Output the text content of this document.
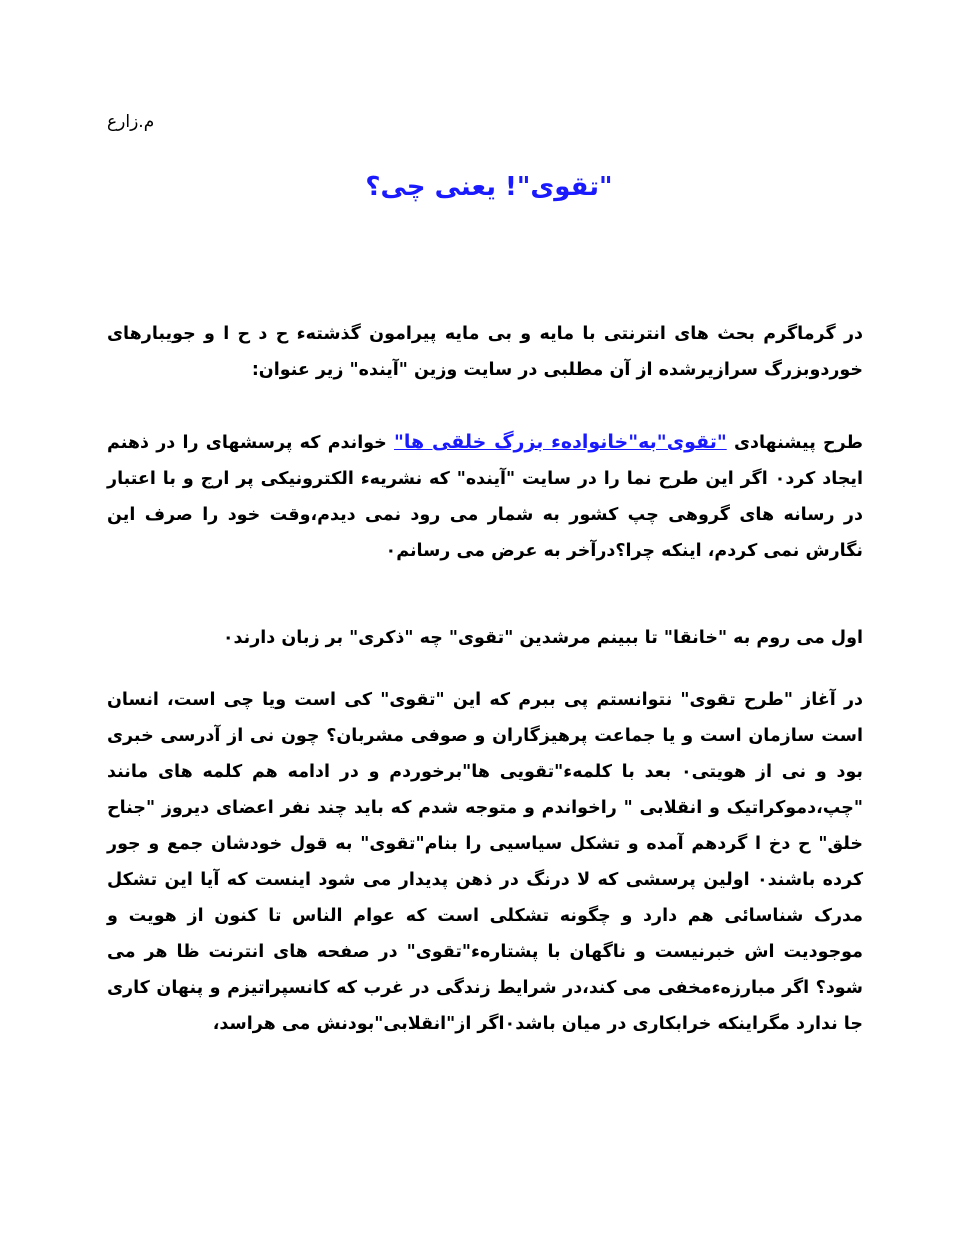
م.زارع
"تقوی"! یعنی چی؟
در گرماگرم بحث های انترنتی با مایه و بی مایه پیرامون گذشتهء ح د ح ا و جویبارهای خوردوبزرگ سرازیرشده از آن مطلبی در سایت وزین "آینده" زیر عنوان:
طرح پیشنهادی "تقوی"به"خانوادهء بزرگ خلقی ها" خواندم که پرسشهای را در ذهنم ایجاد کرد۰ اگر این طرح نما را در سایت "آینده" که نشریهء الکترونیکی پر ارج و با اعتبار در رسانه های گروهی چپ کشور به شمار می رود نمی دیدم،وقت خود را صرف این نگارش نمی کردم، اینکه چرا؟درآخر به عرض می رسانم۰
اول می روم به "خانقا" تا ببینم مرشدین "تقوی" چه "ذکری" بر زبان دارند۰
در آغاز "طرح تقوی" نتوانستم پی ببرم که این "تقوی" کی است ویا چی است، انسان است سازمان است و یا جماعت پرهیزگاران و صوفی مشربان؟ چون نی از آدرسی خبری بود و نی از هویتی۰ بعد با کلمهء"تقویی ها"برخوردم و در ادامه هم کلمه های مانند "چپ،دموکراتیک و انقلابی " راخواندم و متوجه شدم که باید چند نفر اعضای دیروز "جناح خلق" ح دخ ا گردهم آمده و تشکل سیاسیی را بنام"تقوی" به قول خودشان جمع و جور کرده باشند۰ اولین پرسشی که لا درنگ در ذهن پدیدار می شود اینست که آیا این تشکل مدرک شناسائی هم دارد و چگونه تشکلی است که عوام الناس تا کنون از هویت و موجودیت اش خبرنیست و ناگهان با پشتارهء"تقوی" در صفحه های انترنت ظا هر می شود؟ اگر مبارزهءمخفی می کند،در شرایط زندگی در غرب که کانسپراتیزم و پنهان کاری جا ندارد مگراینکه خرابکاری در میان باشد۰اگر از"انقلابی"بودنش می هراسد،
